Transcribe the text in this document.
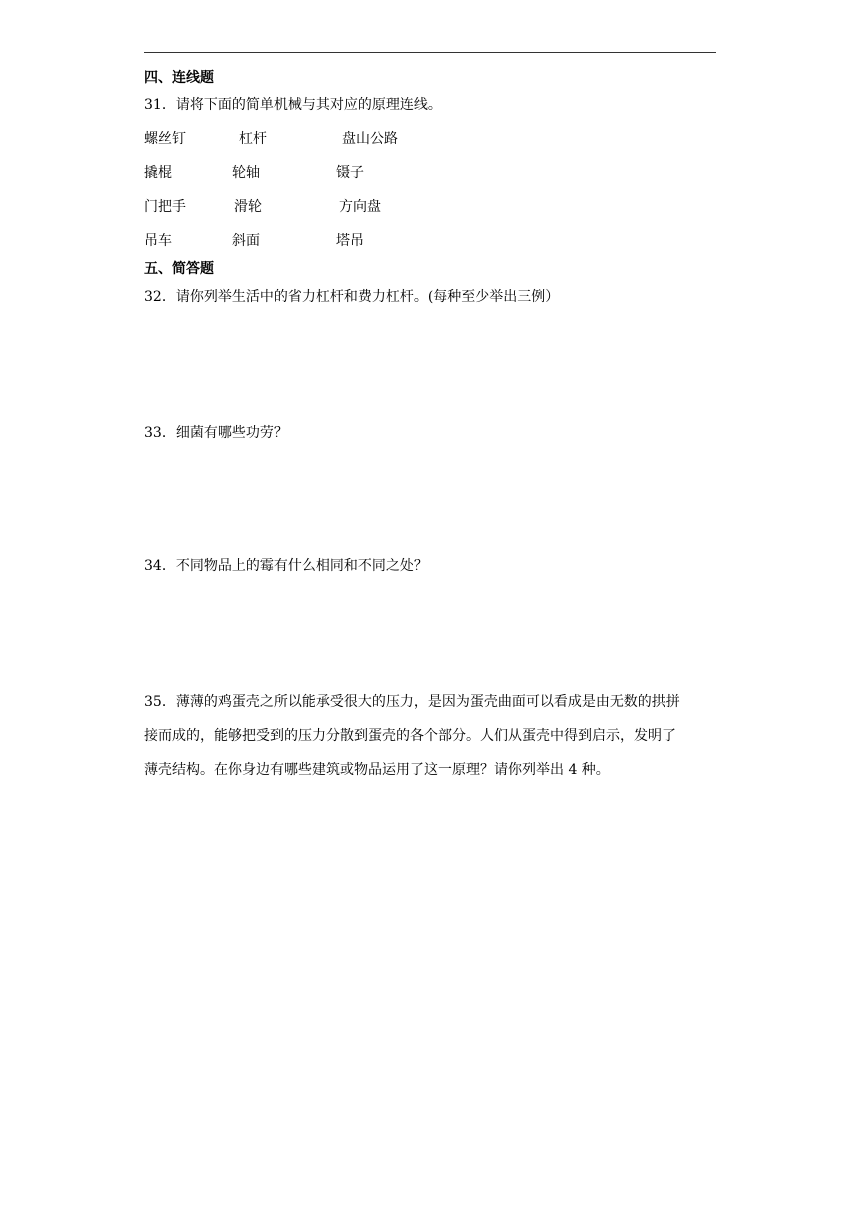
四、连线题
31．请将下面的简单机械与其对应的原理连线。
螺丝钉	杠杆	盘山公路
撬棍	轮轴	镊子
门把手	滑轮	方向盘
吊车	斜面	塔吊
五、简答题
32．请你列举生活中的省力杠杆和费力杠杆。(每种至少举出三例）
33．细菌有哪些功劳？
34．不同物品上的霉有什么相同和不同之处？
35．薄薄的鸡蛋壳之所以能承受很大的压力，是因为蛋壳曲面可以看成是由无数的拱拼
接而成的，能够把受到的压力分散到蛋壳的各个部分。人们从蛋壳中得到启示，发明了
薄壳结构。在你身边有哪些建筑或物品运用了这一原理？请你列举出 4 种。
